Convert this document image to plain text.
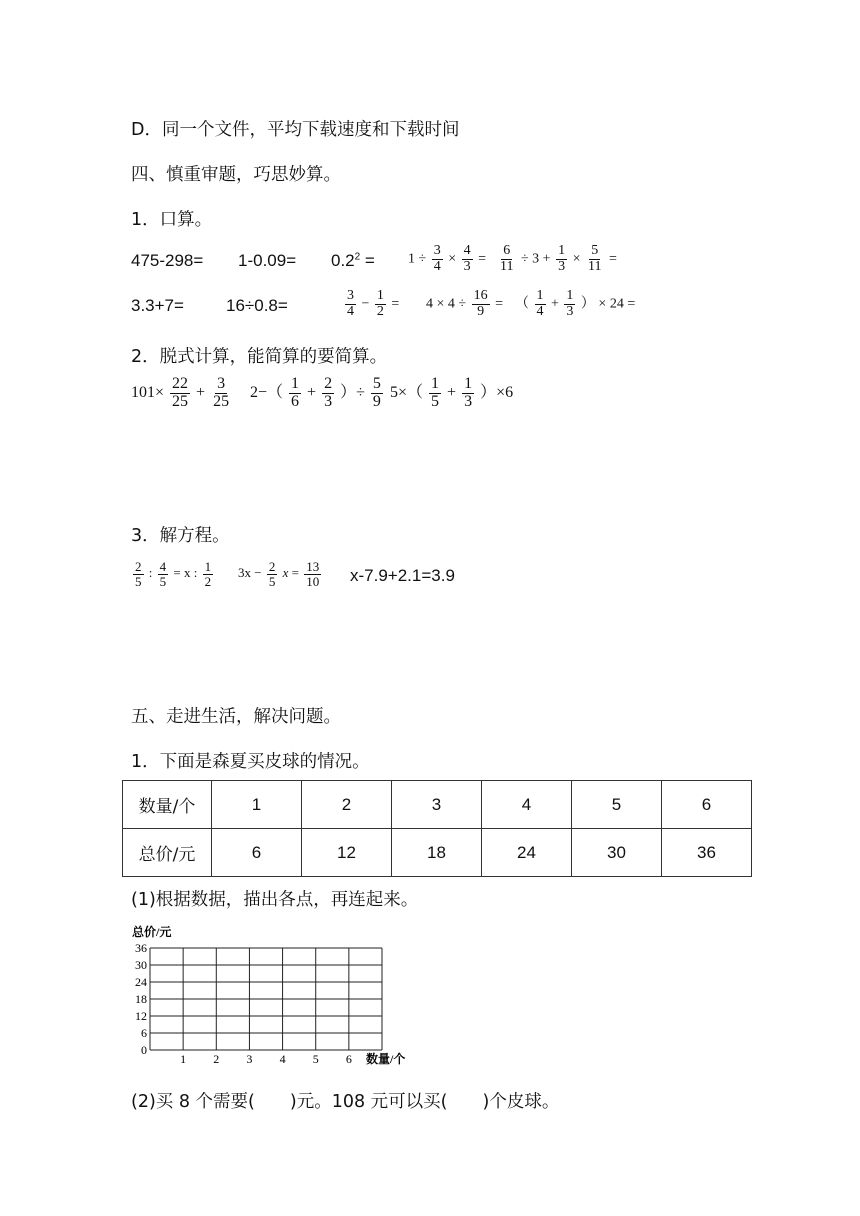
D．同一个文件，平均下载速度和下载时间
四、慎重审题，巧思妙算。
1．口算。
$475-298= 1-0.09= 0.2^2 = 1 \div \frac{3}{4} \times \frac{4}{3} = \frac{6}{11} \div 3 + \frac{1}{3} \times \frac{5}{11}$ =
3.3+7= 16÷0.8=	$\frac{3}{4} - \frac{1}{2} = 4 \times 4 \div \frac{16}{9}$ = （ $\frac{1}{4} + \frac{1}{3}$ ） × 24 =
2．脱式计算，能简算的要简算。
$101\times \frac{22}{25} + \frac{3}{25} 2-( \frac{1}{6} + \frac{2}{3}$ ）÷ $\frac{5}{9} 5\times( \frac{1}{5} + \frac{1}{3} )\times 6$
3．解方程。
$\frac{2}{5}$ : $\frac{4}{5} = x$ : $\frac{1}{2} 3x - \frac{2}{5}$ $x = \frac{13}{10} x-7.9+2.1=3.9$
五、走进生活，解决问题。
1．下面是森夏买皮球的情况。
数量/个	1	2	3	4	5	6
总价/元	6	12	18	24	30	36
(1)根据数据，描出各点，再连起来。
总价/元
36
30
24
18
12
6
0
1 2 3 4 5 6 数量/个
(2)买 8 个需要(　　)元。108 元可以买(　　)个皮球。
